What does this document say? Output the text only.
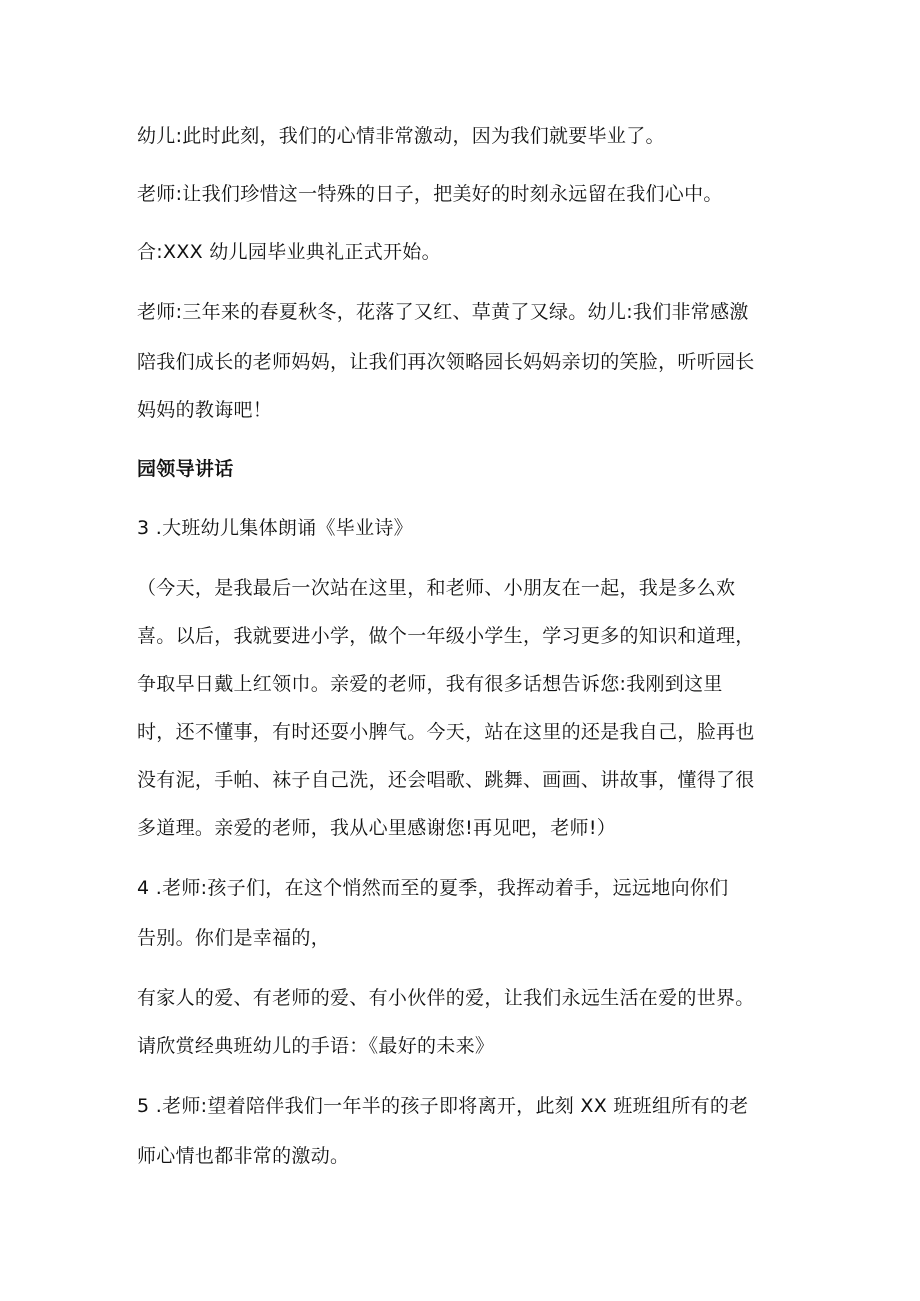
幼儿:此时此刻，我们的心情非常激动，因为我们就要毕业了。
老师:让我们珍惜这一特殊的日子，把美好的时刻永远留在我们心中。
合:XXX 幼儿园毕业典礼正式开始。
老师:三年来的春夏秋冬，花落了又红、草黄了又绿。幼儿:我们非常感激
陪我们成长的老师妈妈，让我们再次领略园长妈妈亲切的笑脸，听听园长
妈妈的教诲吧！
园领导讲话
3 .大班幼儿集体朗诵《毕业诗》
（今天，是我最后一次站在这里，和老师、小朋友在一起，我是多么欢
喜。以后，我就要进小学，做个一年级小学生，学习更多的知识和道理，
争取早日戴上红领巾。亲爱的老师，我有很多话想告诉您:我刚到这里
时，还不懂事，有时还耍小脾气。今天，站在这里的还是我自己，脸再也
没有泥，手帕、袜子自己洗，还会唱歌、跳舞、画画、讲故事，懂得了很
多道理。亲爱的老师，我从心里感谢您!再见吧，老师!）
4 .老师:孩子们，在这个悄然而至的夏季，我挥动着手，远远地向你们
告别。你们是幸福的，
有家人的爱、有老师的爱、有小伙伴的爱，让我们永远生活在爱的世界。
请欣赏经典班幼儿的手语：《最好的未来》
5 .老师:望着陪伴我们一年半的孩子即将离开，此刻 XX 班班组所有的老
师心情也都非常的激动。
